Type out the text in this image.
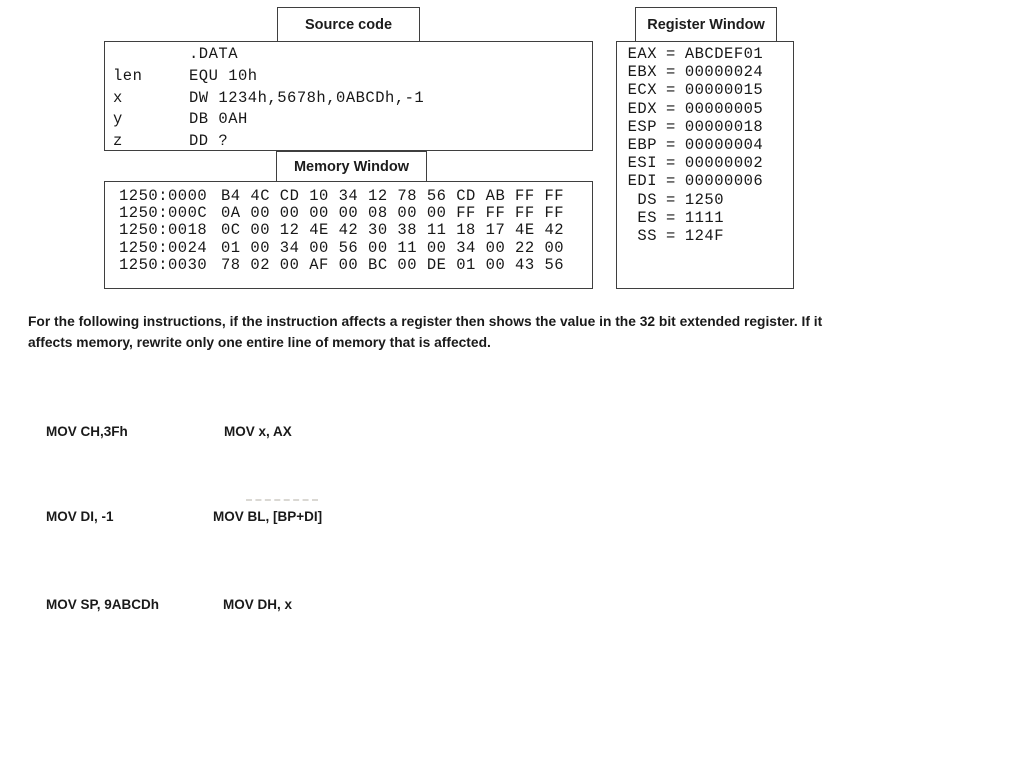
Source code	Register Window
Memory Window
.DATA
len	EQU 10h
x	DW 1234h,5678h,0ABCDh,-1
y	DB 0AH
z	DD ?
EAX = ABCDEF01
EBX = 00000024
ECX = 00000015
EDX = 00000005
ESP = 00000018
EBP = 00000004
ESI = 00000002
EDI = 00000006
DS = 1250
ES = 1111
SS = 124F
1250:0000 B4 4C CD 10 34 12 78 56 CD AB FF FF
1250:000C 0A 00 00 00 00 08 00 00 FF FF FF FF
1250:0018 0C 00 12 4E 42 30 38 11 18 17 4E 42
1250:0024 01 00 34 00 56 00 11 00 34 00 22 00
1250:0030 78 02 00 AF 00 BC 00 DE 01 00 43 56
For the following instructions, if the instruction affects a register then shows the value in the 32 bit extended register. If it
affects memory, rewrite only one entire line of memory that is affected.
MOV CH,3Fh	MOV x, AX
MOV DI, -1	MOV BL, [BP+DI]
MOV SP, 9ABCDh	MOV DH, x
